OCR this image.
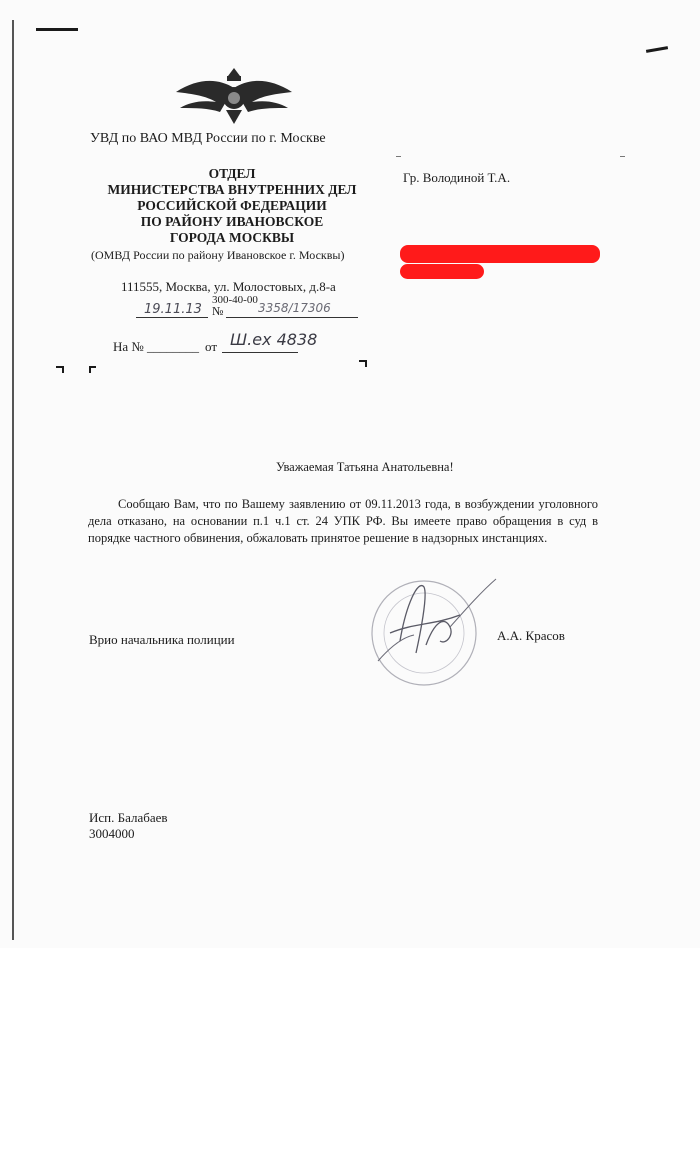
УВД по ВАО МВД России по г. Москве
ОТДЕЛ
МИНИСТЕРСТВА ВНУТРЕННИХ ДЕЛ
РОССИЙСКОЙ ФЕДЕРАЦИИ
ПО РАЙОНУ ИВАНОВСКОЕ
ГОРОДА МОСКВЫ
(ОМВД России по району Ивановское г. Москвы)
111555, Москва, ул. Молостовых, д.8-а
300-40-00
19.11.13 №	3358/17306
На № ________ от Ш.ех 4838
Гр. Володиной Т.А.
Уважаемая Татьяна Анатольевна!
Сообщаю Вам, что по Вашему заявлению от 09.11.2013 года, в возбуждении уголовного дела отказано, на основании п.1 ч.1 ст. 24 УПК РФ. Вы имеете право обращения в суд в порядке частного обвинения, обжаловать принятое решение в надзорных инстанциях.
Врио начальника полиции	А.А. Красов
Исп. Балабаев
3004000
